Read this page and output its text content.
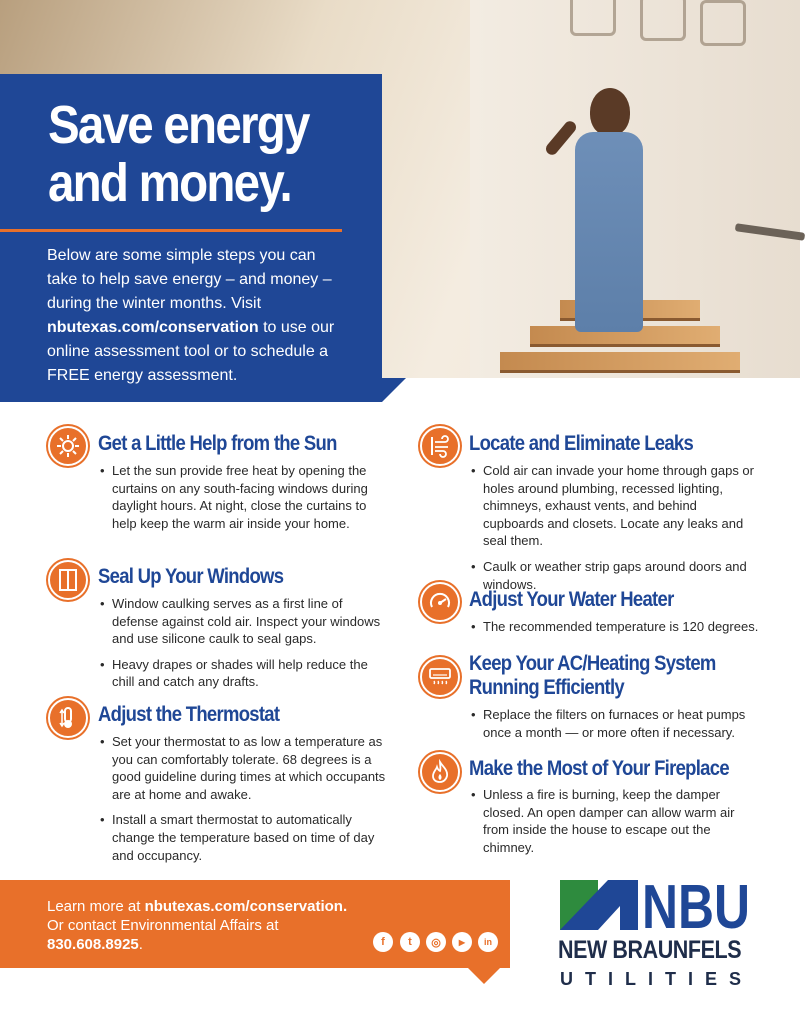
Save energy
and money.
Below are some simple steps you can take to help save energy – and money – during the winter months. Visit nbutexas.com/conservation to use our online assessment tool or to schedule a FREE energy assessment.
Get a Little Help from the Sun
• Let the sun provide free heat by opening the curtains on any south-facing windows during daylight hours. At night, close the curtains to help keep the warm air inside your home.
Seal Up Your Windows
• Window caulking serves as a first line of defense against cold air. Inspect your windows and use silicone caulk to seal gaps.
• Heavy drapes or shades will help reduce the chill and catch any drafts.
Adjust the Thermostat
• Set your thermostat to as low a temperature as you can comfortably tolerate. 68 degrees is a good guideline during times at which occupants are at home and awake.
• Install a smart thermostat to automatically change the temperature based on time of day and occupancy.
Locate and Eliminate Leaks
• Cold air can invade your home through gaps or holes around plumbing, recessed lighting, chimneys, exhaust vents, and behind cupboards and closets. Locate any leaks and seal them.
• Caulk or weather strip gaps around doors and windows.
Adjust Your Water Heater
• The recommended temperature is 120 degrees.
Keep Your AC/Heating System
Running Efficiently
• Replace the filters on furnaces or heat pumps once a month — or more often if necessary.
Make the Most of Your Fireplace
• Unless a fire is burning, keep the damper closed. An open damper can allow warm air from inside the house to escape out the chimney.
Learn more at nbutexas.com/conservation.
Or contact Environmental Affairs at
830.608.8925.	f	t	◎	▶	in NBU
NEW BRAUNFELS
UTILITIES
